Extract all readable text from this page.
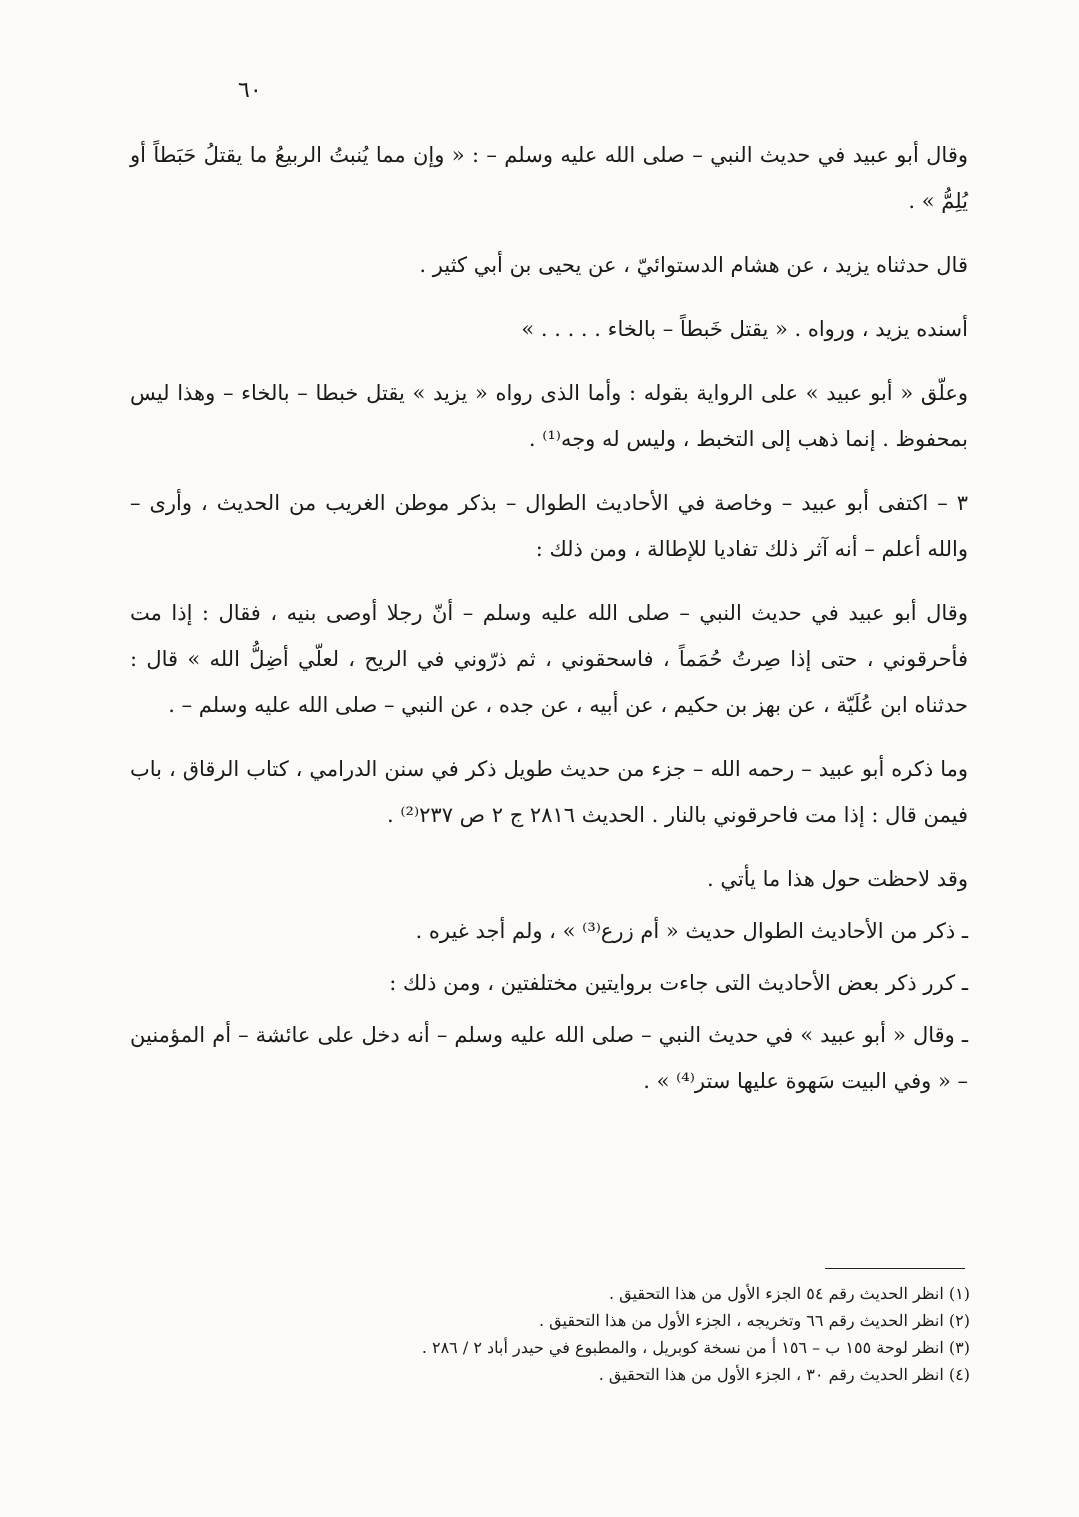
٦٠

وقال أبو عبيد في حديث النبي – صلى الله عليه وسلم – : « وإن مما يُنبتُ الربيعُ ما يقتلُ حَبَطاً أو يُلِمُّ » .

قال حدثناه يزيد ، عن هشام الدستوائيّ ، عن يحيى بن أبي كثير .

أسنده يزيد ، ورواه . « يقتل خَبطاً – بالخاء . . . . . »

وعلّق « أبو عبيد » على الرواية بقوله : وأما الذى رواه « يزيد » يقتل خبطا – بالخاء – وهذا ليس بمحفوظ . إنما ذهب إلى التخبط ، وليس له وجه⁽¹⁾ .

٣ – اكتفى أبو عبيد – وخاصة في الأحاديث الطوال – بذكر موطن الغريب من الحديث ، وأرى – والله أعلم – أنه آثر ذلك تفاديا للإطالة ، ومن ذلك :

وقال أبو عبيد في حديث النبي – صلى الله عليه وسلم – أنّ رجلا أوصى بنيه ، فقال : إذا مت فأحرقوني ، حتى إذا صِرتُ حُمَماً ، فاسحقوني ، ثم ذرّوني في الريح ، لعلّي أضِلُّ الله » قال : حدثناه ابن عُلَيّة ، عن بهز بن حكيم ، عن أبيه ، عن جده ، عن النبي – صلى الله عليه وسلم – .

وما ذكره أبو عبيد – رحمه الله – جزء من حديث طويل ذكر في سنن الدرامي ، كتاب الرقاق ، باب فيمن قال : إذا مت فاحرقوني بالنار . الحديث ٢٨١٦ ج ٢ ص ٢٣٧⁽²⁾ .

وقد لاحظت حول هذا ما يأتي .

ـ ذكر من الأحاديث الطوال حديث « أم زرع⁽³⁾ » ، ولم أجد غيره .

ـ كرر ذكر بعض الأحاديث التى جاءت بروايتين مختلفتين ، ومن ذلك :

ـ وقال « أبو عبيد » في حديث النبي – صلى الله عليه وسلم – أنه دخل على عائشة – أم المؤمنين – « وفي البيت سَهوة عليها ستر⁽⁴⁾ » .

(١) انظر الحديث رقم ٥٤ الجزء الأول من هذا التحقيق .
(٢) انظر الحديث رقم ٦٦ وتخريجه ، الجزء الأول من هذا التحقيق .
(٣) انظر لوحة ١٥٥ ب – ١٥٦ أ من نسخة كوبريل ، والمطبوع في حيدر أباد ٢ / ٢٨٦ .
(٤) انظر الحديث رقم ٣٠ ، الجزء الأول من هذا التحقيق .
